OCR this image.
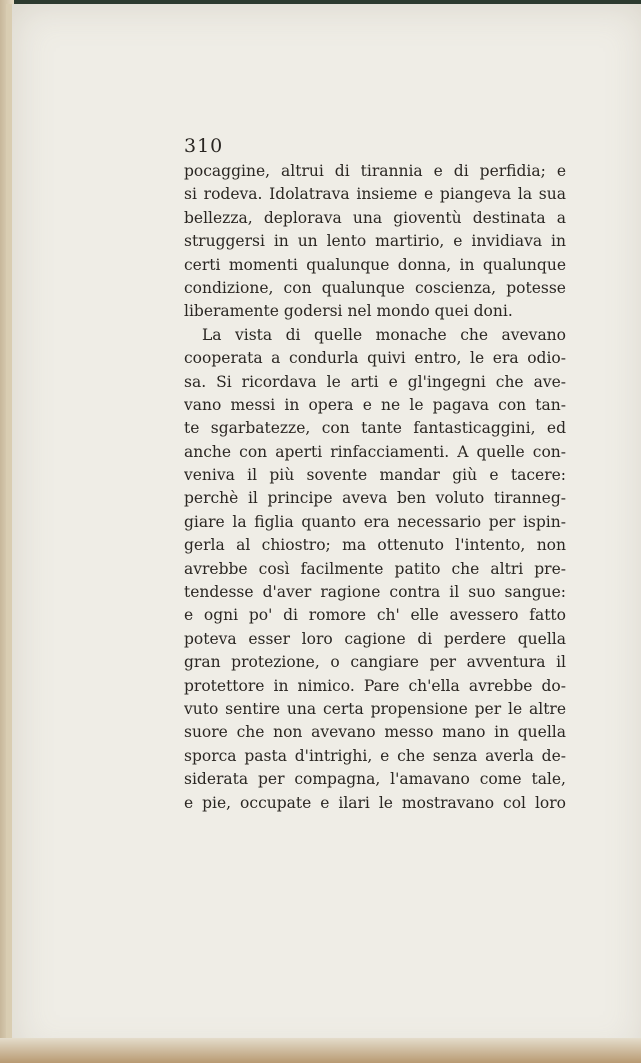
310
pocaggine, altrui di tirannia e di perfidia; e
si rodeva. Idolatrava insieme e piangeva la sua
bellezza, deplorava una gioventù destinata a
struggersi in un lento martirio, e invidiava in
certi momenti qualunque donna, in qualunque
condizione, con qualunque coscienza, potesse
liberamente godersi nel mondo quei doni.
La vista di quelle monache che avevano
cooperata a condurla quivi entro, le era odio-
sa. Si ricordava le arti e gl'ingegni che ave-
vano messi in opera e ne le pagava con tan-
te sgarbatezze, con tante fantasticaggini, ed
anche con aperti rinfacciamenti. A quelle con-
veniva il più sovente mandar giù e tacere:
perchè il principe aveva ben voluto tiranneg-
giare la figlia quanto era necessario per ispin-
gerla al chiostro; ma ottenuto l'intento, non
avrebbe così facilmente patito che altri pre-
tendesse d'aver ragione contra il suo sangue:
e ogni po' di romore ch' elle avessero fatto
poteva esser loro cagione di perdere quella
gran protezione, o cangiare per avventura il
protettore in nimico. Pare ch'ella avrebbe do-
vuto sentire una certa propensione per le altre
suore che non avevano messo mano in quella
sporca pasta d'intrighi, e che senza averla de-
siderata per compagna, l'amavano come tale,
e pie, occupate e ilari le mostravano col loro
